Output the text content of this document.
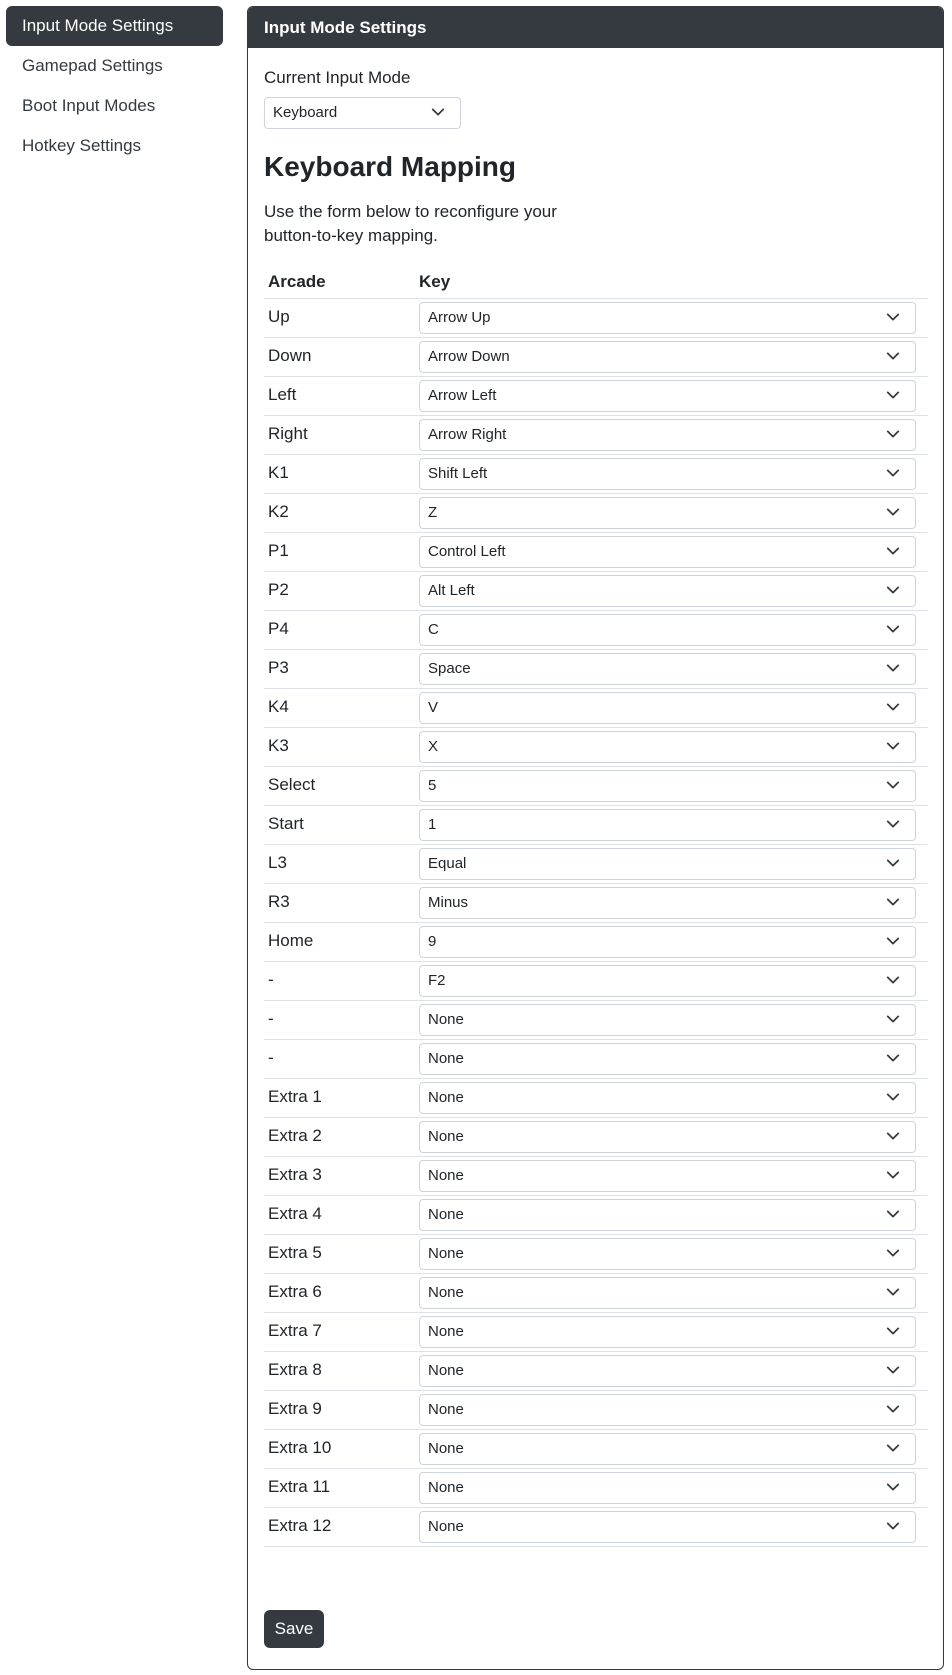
Input Mode Settings
Gamepad Settings
Boot Input Modes
Hotkey Settings
Input Mode Settings
Current Input Mode
Keyboard
Keyboard Mapping

Use the form below to reconfigure your button-to-key mapping.

Arcade	Key
Up	Arrow Up

Down	Arrow Down

Left	Arrow Left

Right	Arrow Right

K1	Shift Left

K2	Z

P1	Control Left

P2	Alt Left

P4	C

P3	Space

K4	V

K3	X

Select	5

Start	1

L3	Equal

R3	Minus

Home	9

-	F2

-	None

-	None

Extra 1	None

Extra 2	None

Extra 3	None

Extra 4	None

Extra 5	None

Extra 6	None

Extra 7	None

Extra 8	None

Extra 9	None

Extra 10	None

Extra 11	None

Extra 12	None
Save
